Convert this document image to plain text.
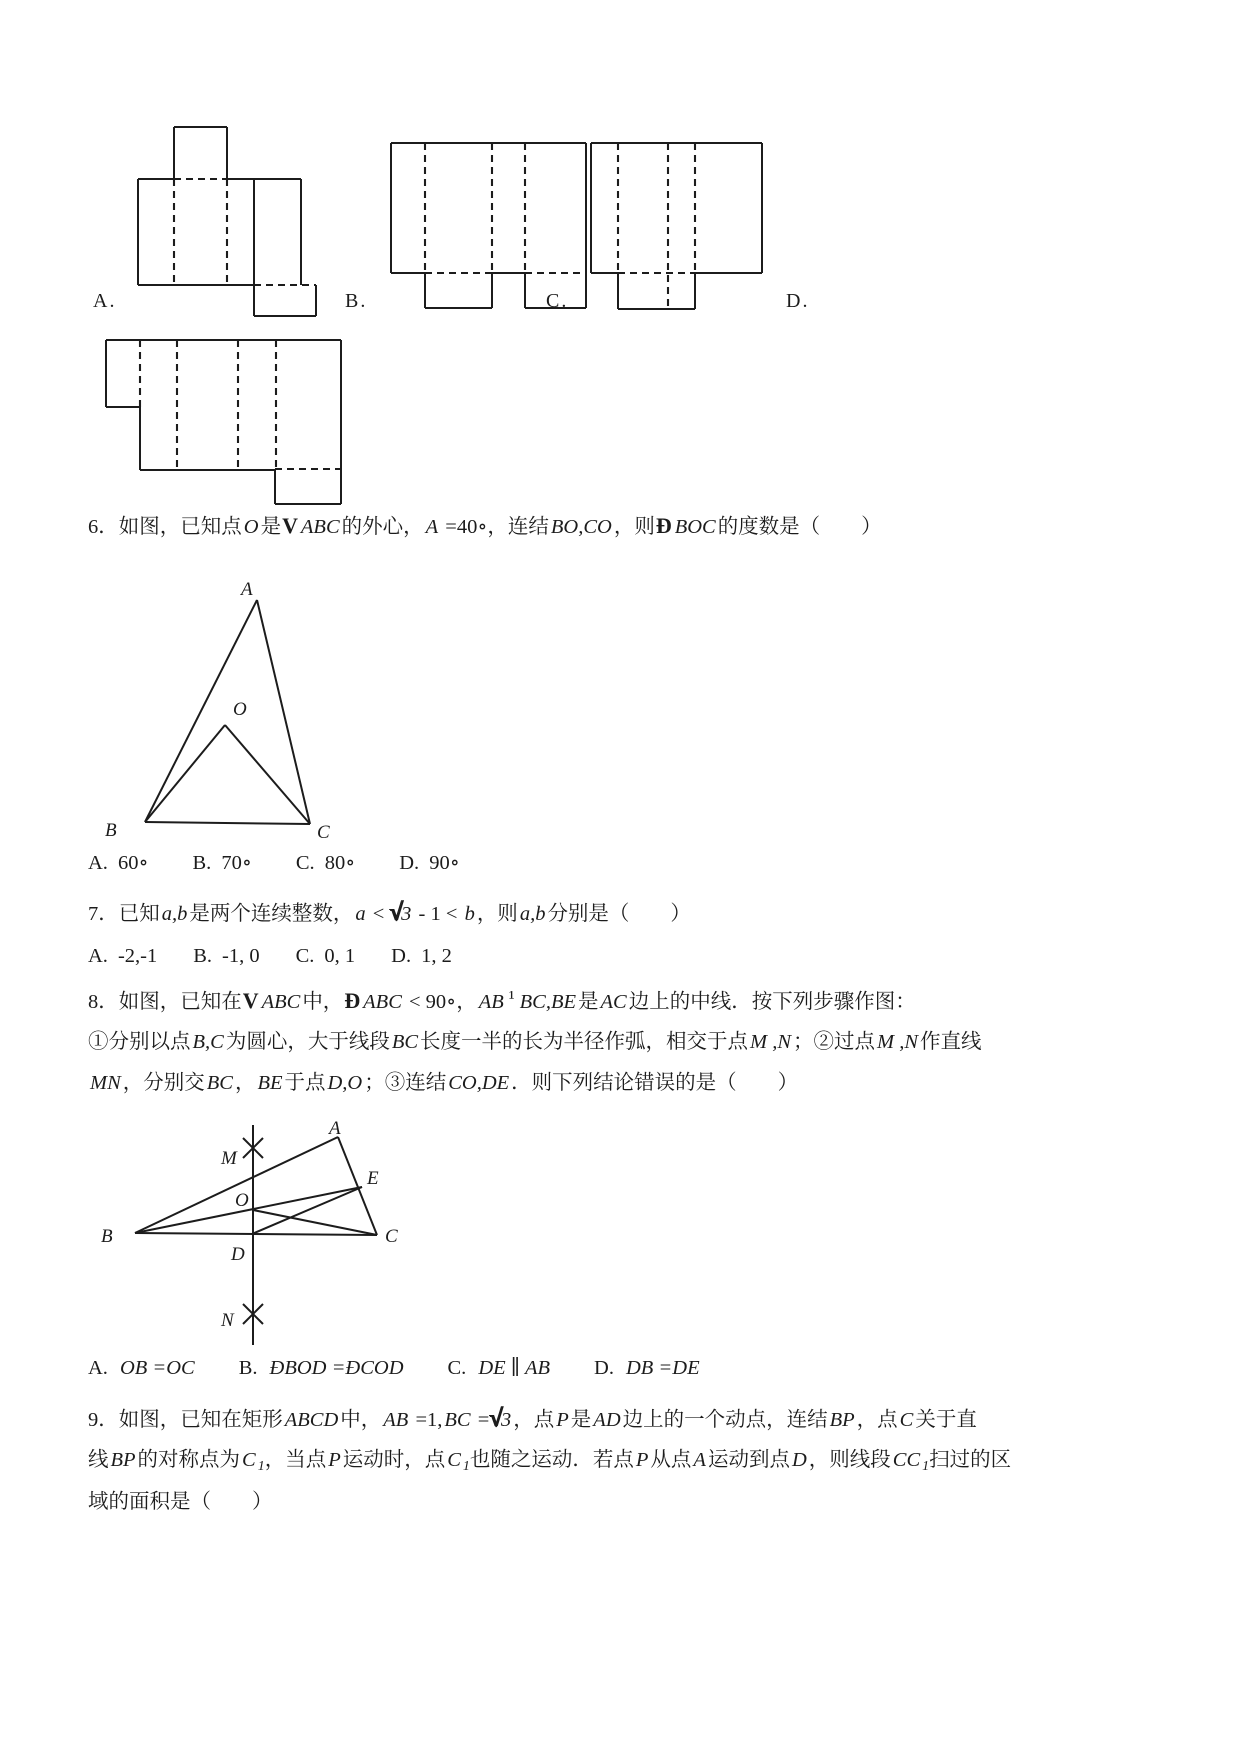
6．如图，已知点O是V ABC的外心，A =40∘，连结BO,CO，则Ð BOC的度数是（　　）
7．已知a,b是两个连续整数，a < √3 - 1 < b，则a,b分别是（　　）
8．如图，已知在V ABC中，Ð ABC < 90∘，AB ¹ BC,BE是AC边上的中线．按下列步骤作图：
①分别以点B,C为圆心，大于线段BC长度一半的长为半径作弧，相交于点M ,N；②过点M ,N作直线
MN，分别交BC，BE于点D,O；③连结CO,DE．则下列结论错误的是（　　）
9．如图，已知在矩形ABCD中，AB =1,BC =√3，点P是AD边上的一个动点，连结BP，点C关于直
线BP的对称点为C 1，当点P运动时，点C 1也随之运动．若点P从点A运动到点D，则线段CC 1扫过的区
域的面积是（　　）
A. 60∘ B. 70∘ C. 80∘ D. 90∘
A. -2,-1 B. -1, 0 C. 0, 1 D. 1, 2
A. OB =OC B. ÐBOD =ÐCOD C. DE ∥ AB D. DB =DE
A.	B.	C.	D.
A
O
B	C
A
M
E
O
B	C
D
N
